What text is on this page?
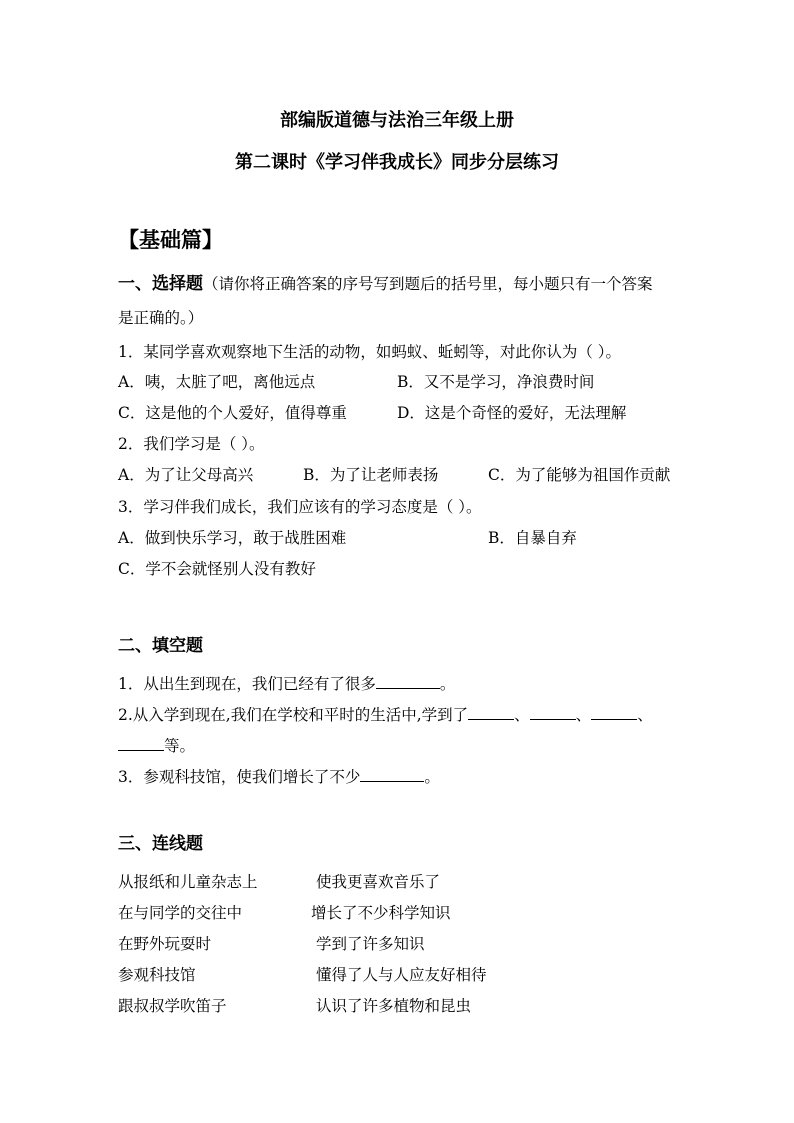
部编版道德与法治三年级上册
第二课时《学习伴我成长》同步分层练习
【基础篇】
一、选择题（请你将正确答案的序号写到题后的括号里，每小题只有一个答案
是正确的。）
1．某同学喜欢观察地下生活的动物，如蚂蚁、蚯蚓等，对此你认为（ ）。
A．咦，太脏了吧，离他远点	B．又不是学习，净浪费时间
C．这是他的个人爱好，值得尊重	D．这是个奇怪的爱好，无法理解
2．我们学习是（ ）。
A．为了让父母高兴	B．为了让老师表扬	C．为了能够为祖国作贡献
3．学习伴我们成长，我们应该有的学习态度是（ ）。
A．做到快乐学习，敢于战胜困难	B．自暴自弃
C．学不会就怪别人没有教好
二、填空题
1．从出生到现在，我们已经有了很多	。
2.从入学到现在,我们在学校和平时的生活中,学到了	、	、	、
等。
3．参观科技馆，使我们增长了不少	。
三、连线题
从报纸和儿童杂志上	使我更喜欢音乐了
在与同学的交往中	增长了不少科学知识
在野外玩耍时	学到了许多知识
参观科技馆	懂得了人与人应友好相待
跟叔叔学吹笛子	认识了许多植物和昆虫
